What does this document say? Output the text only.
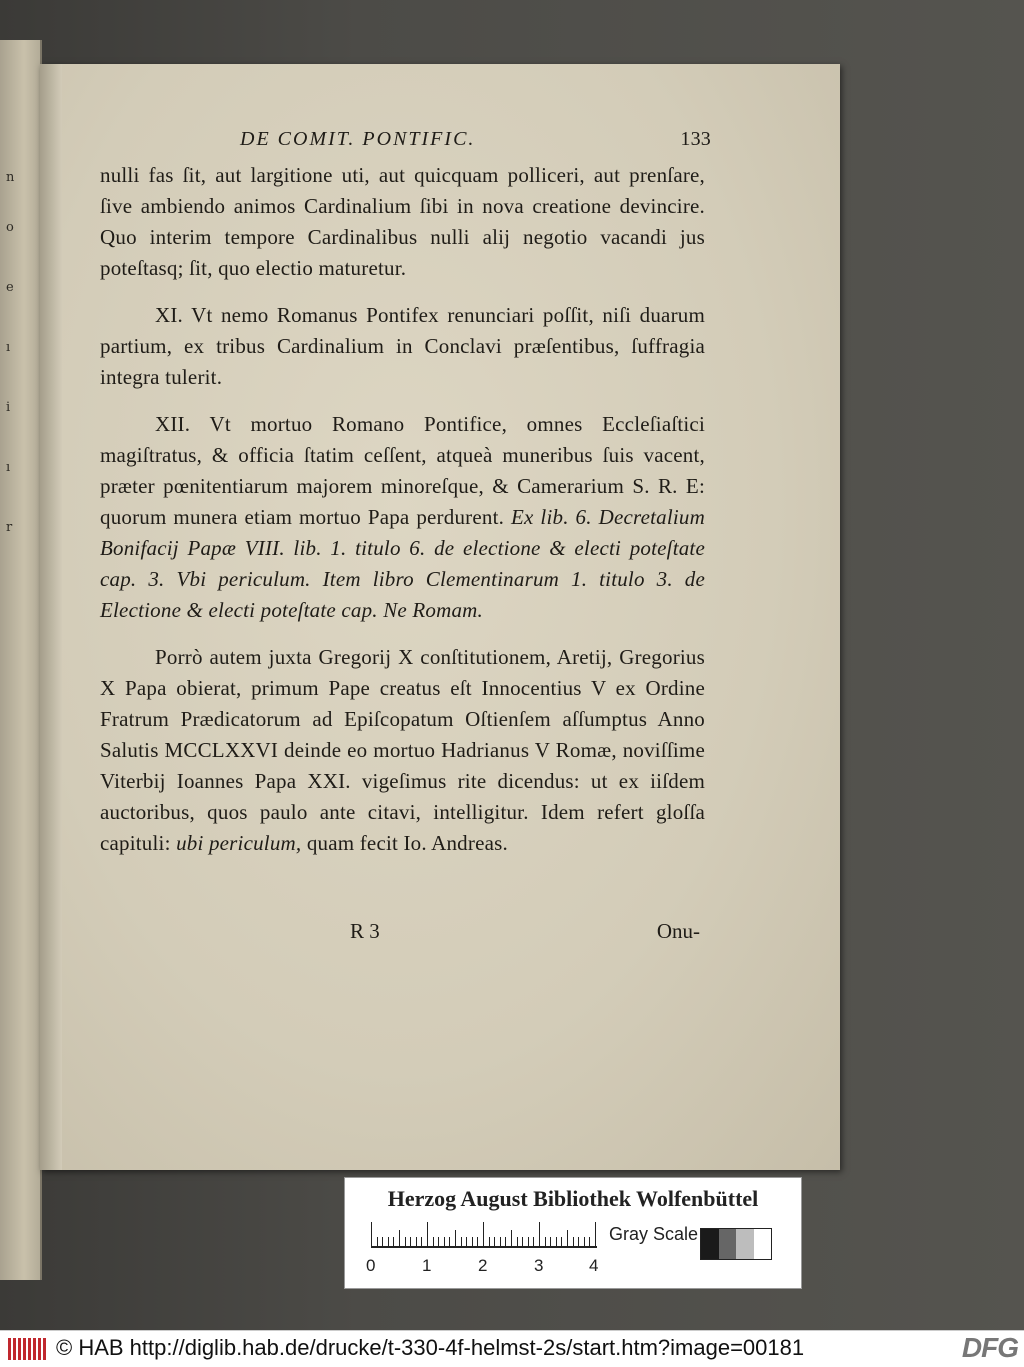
n
o
e
ı
i
ı
r
DE COMIT. PONTIFIC.	133

nulli fas ſit, aut largitione uti, aut quicquam polliceri, aut prenſare, ſive ambiendo animos Cardinalium ſibi in nova creatione devincire. Quo interim tempore Cardinalibus nulli alij negotio vacandi jus poteſtasq; ſit, quo electio maturetur.

XI. Vt nemo Romanus Pontifex renunciari poſſit, niſi duarum partium, ex tribus Cardinalium in Conclavi præſentibus, ſuffragia integra tulerit.

XII. Vt mortuo Romano Pontifice, omnes Eccleſiaſtici magiſtratus, & officia ſtatim ceſſent, atqueà muneribus ſuis vacent, præter pœnitentiarum majorem minoreſque, & Camerarium S. R. E: quorum munera etiam mortuo Papa perdurent. Ex lib. 6. Decretalium Bonifacij Papæ VIII. lib. 1. titulo 6. de electione & electi poteſtate cap. 3. Vbi periculum. Item libro Clementinarum 1. titulo 3. de Electione & electi poteſtate cap. Ne Romam.

Porrò autem juxta Gregorij X conſtitutionem, Aretij, Gregorius X Papa obierat, primum Pape creatus eſt Innocentius V ex Ordine Fratrum Prædicatorum ad Epiſcopatum Oſtienſem aſſumptus Anno Salutis MCCLXXVI deinde eo mortuo Hadrianus V Romæ, noviſſime Viterbij Ioannes Papa XXI. vigeſimus rite dicendus: ut ex iiſdem auctoribus, quos paulo ante citavi, intelligitur. Idem refert gloſſa capituli: ubi periculum, quam fecit Io. Andreas.

R 3	Onu-
Herzog August Bibliothek Wolfenbüttel
0	1	2	3	4
Gray Scale
© HAB http://diglib.hab.de/drucke/t-330-4f-helmst-2s/start.htm?image=00181	DFG
